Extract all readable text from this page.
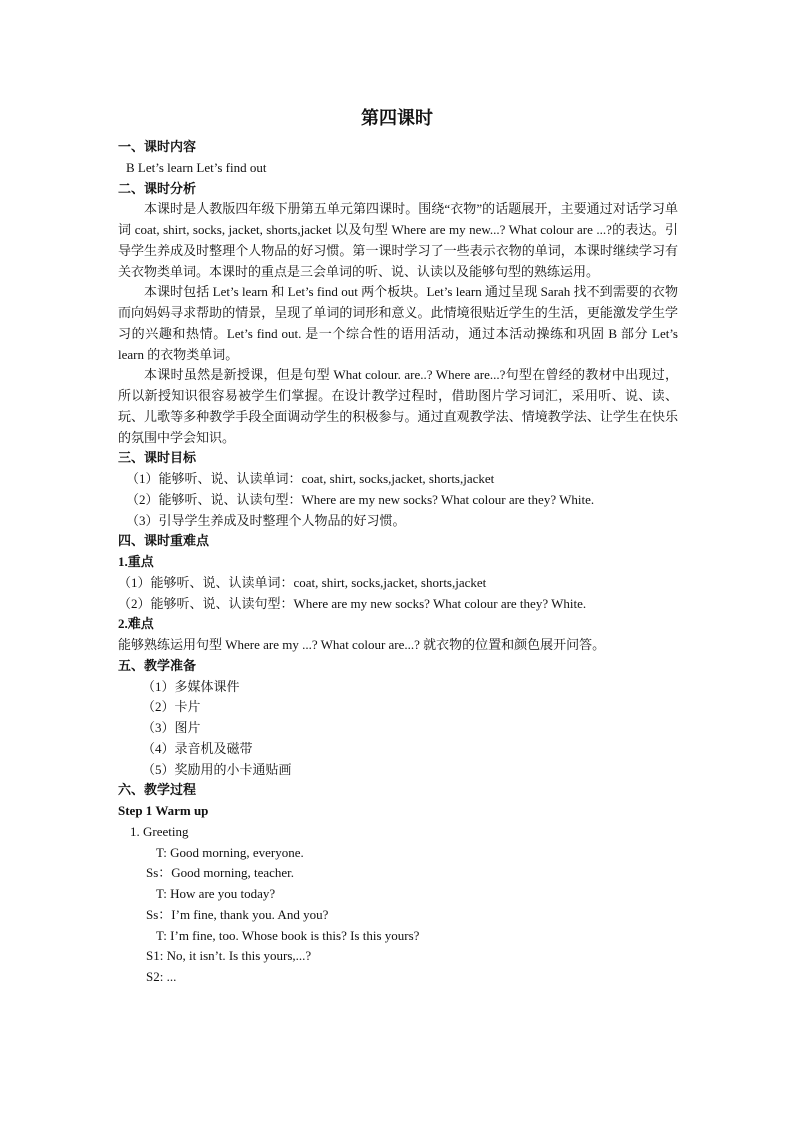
第四课时
一、课时内容
B Let’s learn Let’s find out
二、课时分析
本课时是人教版四年级下册第五单元第四课时。围绕“衣物”的话题展开，主要通过对话学习单词 coat, shirt, socks, jacket, shorts,jacket 以及句型 Where are my new...? What colour are ...?的表达。引导学生养成及时整理个人物品的好习惯。第一课时学习了一些表示衣物的单词，本课时继续学习有关衣物类单词。本课时的重点是三会单词的听、说、认读以及能够句型的熟练运用。
本课时包括 Let’s learn 和 Let’s find out 两个板块。Let’s learn 通过呈现 Sarah 找不到需要的衣物而向妈妈寻求帮助的情景，呈现了单词的词形和意义。此情境很贴近学生的生活，更能激发学生学习的兴趣和热情。Let’s find out. 是一个综合性的语用活动，通过本活动操练和巩固 B 部分 Let’s learn 的衣物类单词。
本课时虽然是新授课，但是句型 What colour. are..? Where are...?句型在曾经的教材中出现过，所以新授知识很容易被学生们掌握。在设计教学过程时，借助图片学习词汇，采用听、说、读、 玩、儿歌等多种教学手段全面调动学生的积极参与。通过直观教学法、情境教学法、让学生在快乐的氛围中学会知识。
三、课时目标
（1）能够听、说、认读单词：coat, shirt, socks,jacket, shorts,jacket
（2）能够听、说、认读句型：Where are my new socks? What colour are they? White.
（3）引导学生养成及时整理个人物品的好习惯。
四、课时重难点
1.重点
（1）能够听、说、认读单词：coat, shirt, socks,jacket, shorts,jacket
（2）能够听、说、认读句型：Where are my new socks? What colour are they? White.
2.难点
能够熟练运用句型 Where are my ...? What colour are...? 就衣物的位置和颜色展开问答。
五、教学准备
（1）多媒体课件
（2）卡片
（3）图片
（4）录音机及磁带
（5）奖励用的小卡通贴画
六、教学过程
Step 1 Warm up
1. Greeting
T: Good morning, everyone.
Ss：Good morning, teacher.
T: How are you today?
Ss：I’m fine, thank you. And you?
T: I’m fine, too. Whose book is this? Is this yours?
S1: No, it isn’t. Is this yours,...?
S2: ...
